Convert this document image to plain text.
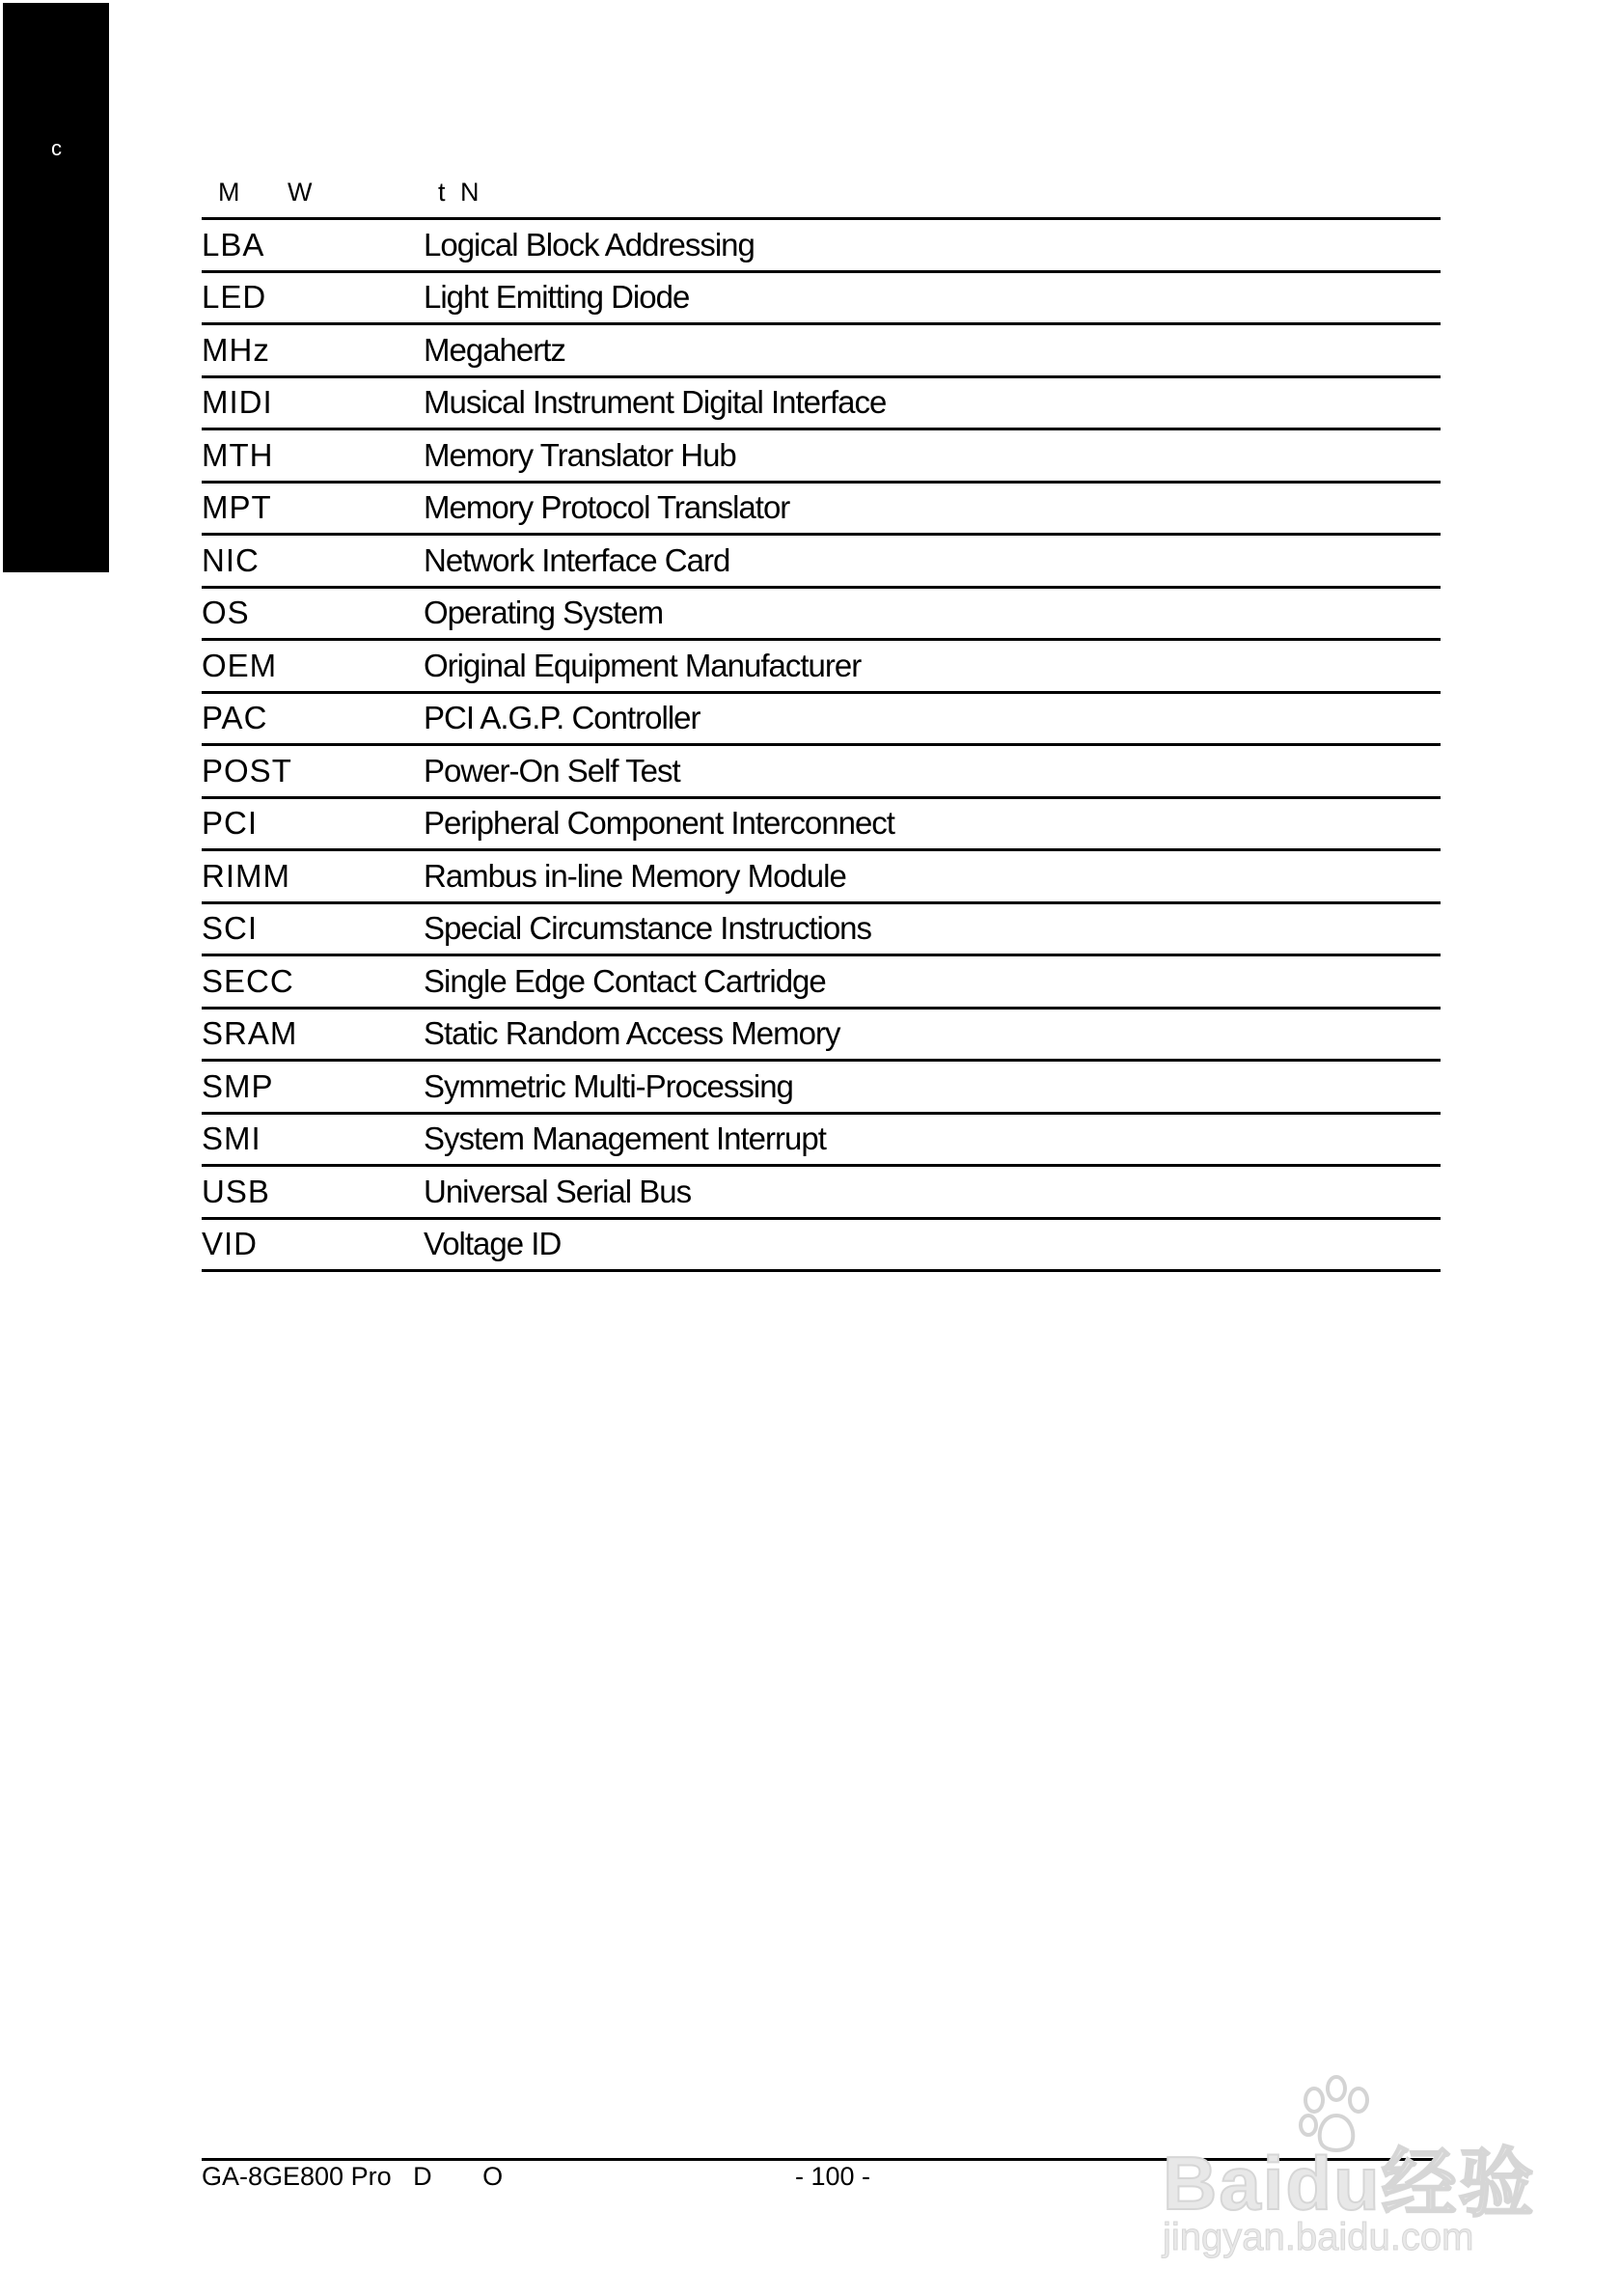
c
M W	t N
LBA	Logical Block Addressing
LED	Light Emitting Diode
MHz	Megahertz
MIDI	Musical Instrument Digital Interface
MTH	Memory Translator Hub
MPT	Memory Protocol Translator
NIC	Network Interface Card
OS	Operating System
OEM	Original Equipment Manufacturer
PAC	PCI A.G.P. Controller
POST	Power-On Self Test
PCI	Peripheral Component Interconnect
RIMM	Rambus in-line Memory Module
SCI	Special Circumstance Instructions
SECC	Single Edge Contact Cartridge
SRAM	Static Random Access Memory
SMP	Symmetric Multi-Processing
SMI	System Management Interrupt
USB	Universal Serial Bus
VID	Voltage ID
GA-8GE800 Pro   D       O	- 100 -	Baidu经验
jingyan.baidu.com
